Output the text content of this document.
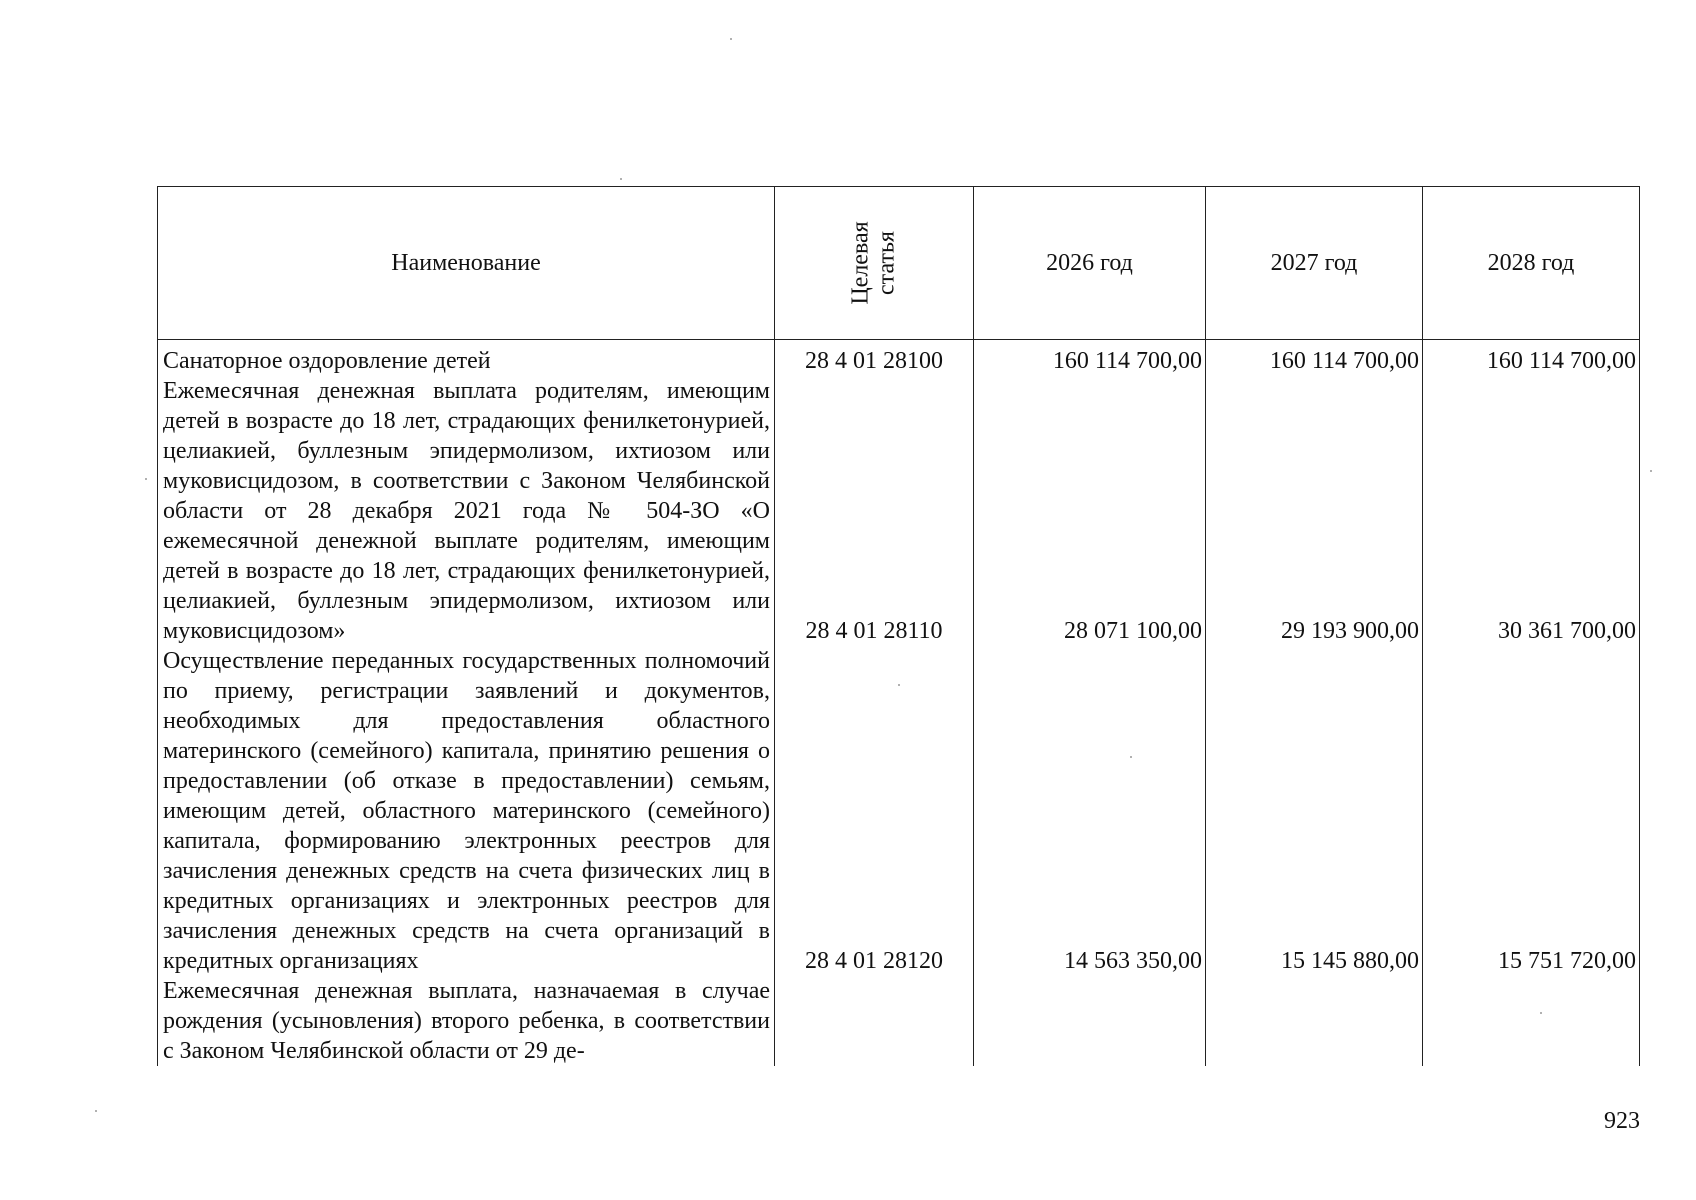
Наименование	Целевая статья	2026 год	2027 год	2028 год
Санаторное оздоровление детей	28 4 01 28100	160 114 700,00	160 114 700,00	160 114 700,00
Ежемесячная денежная выплата родителям, имеющим детей в возрасте до 18 лет, страдающих фенилкетонурией, целиакией, буллезным эпидермолизом, ихтиозом или муковисцидозом, в соответствии с Законом Челябинской области от 28 декабря 2021 года № 504-ЗО «О ежемесячной денежной выплате родителям, имеющим детей в возрасте до 18 лет, страдающих фенилкетонурией, целиакией, буллезным эпидермолизом, ихтиозом или муковисцидозом»	28 4 01 28110	28 071 100,00	29 193 900,00	30 361 700,00
Осуществление переданных государственных полномочий по приему, регистрации заявлений и документов, необходимых для предоставления областного материнского (семейного) капитала, принятию решения о предоставлении (об отказе в предоставлении) семьям, имеющим детей, областного материнского (семейного) капитала, формированию электронных реестров для зачисления денежных средств на счета физических лиц в кредитных организациях и электронных реестров для зачисления денежных средств на счета организаций в кредитных организациях	28 4 01 28120	14 563 350,00	15 145 880,00	15 751 720,00
Ежемесячная денежная выплата, назначаемая в случае рождения (усыновления) второго ребенка, в соответствии с Законом Челябинской области от 29 де-				
923
